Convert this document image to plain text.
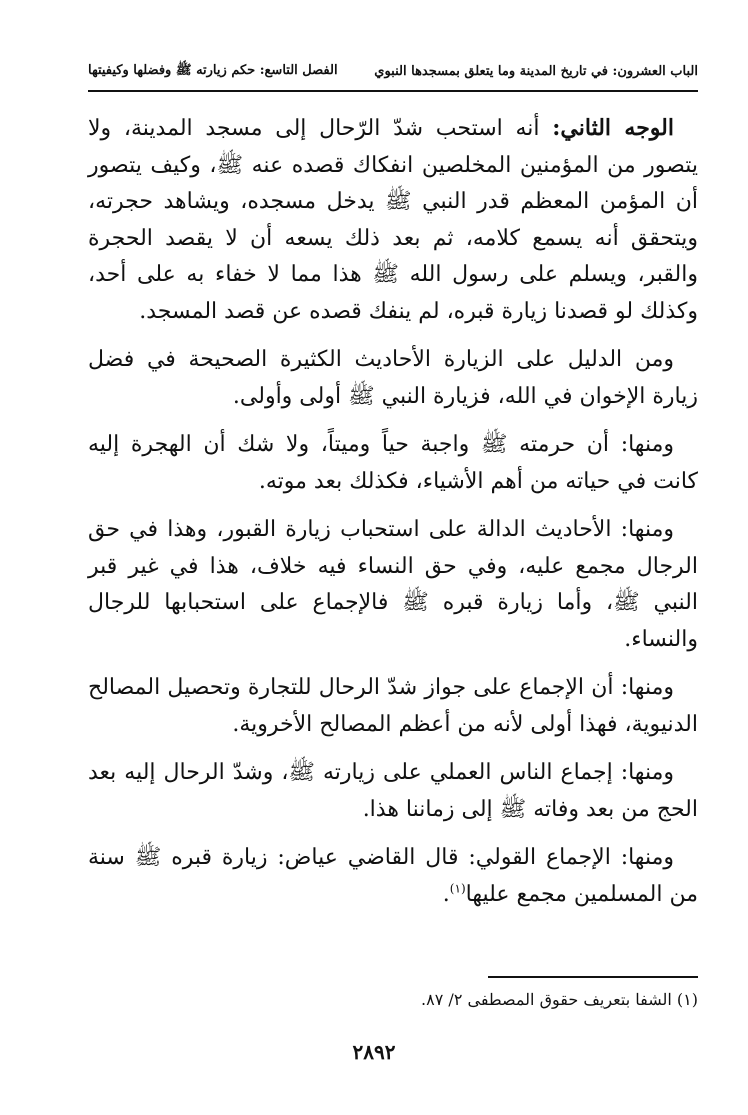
الباب العشرون: في تاريخ المدينة وما يتعلق بمسجدها النبوي
الفصل التاسع: حكم زيارته ﷺ وفضلها وكيفيتها

الوجه الثاني: أنه استحب شدّ الرّحال إلى مسجد المدينة، ولا يتصور من المؤمنين المخلصين انفكاك قصده عنه ﷺ، وكيف يتصور أن المؤمن المعظم قدر النبي ﷺ يدخل مسجده، ويشاهد حجرته، ويتحقق أنه يسمع كلامه، ثم بعد ذلك يسعه أن لا يقصد الحجرة والقبر، ويسلم على رسول الله ﷺ هذا مما لا خفاء به على أحد، وكذلك لو قصدنا زيارة قبره، لم ينفك قصده عن قصد المسجد.

ومن الدليل على الزيارة الأحاديث الكثيرة الصحيحة في فضل زيارة الإخوان في الله، فزيارة النبي ﷺ أولى وأولى.

ومنها: أن حرمته ﷺ واجبة حياً وميتاً، ولا شك أن الهجرة إليه كانت في حياته من أهم الأشياء، فكذلك بعد موته.

ومنها: الأحاديث الدالة على استحباب زيارة القبور، وهذا في حق الرجال مجمع عليه، وفي حق النساء فيه خلاف، هذا في غير قبر النبي ﷺ، وأما زيارة قبره ﷺ فالإجماع على استحبابها للرجال والنساء.

ومنها: أن الإجماع على جواز شدّ الرحال للتجارة وتحصيل المصالح الدنيوية، فهذا أولى لأنه من أعظم المصالح الأخروية.

ومنها: إجماع الناس العملي على زيارته ﷺ، وشدّ الرحال إليه بعد الحج من بعد وفاته ﷺ إلى زماننا هذا.

ومنها: الإجماع القولي: قال القاضي عياض: زيارة قبره ﷺ سنة من المسلمين مجمع عليها$^{(١)}$.

(١) الشفا بتعريف حقوق المصطفى ٢/ ٨٧.
٢٨٩٢
